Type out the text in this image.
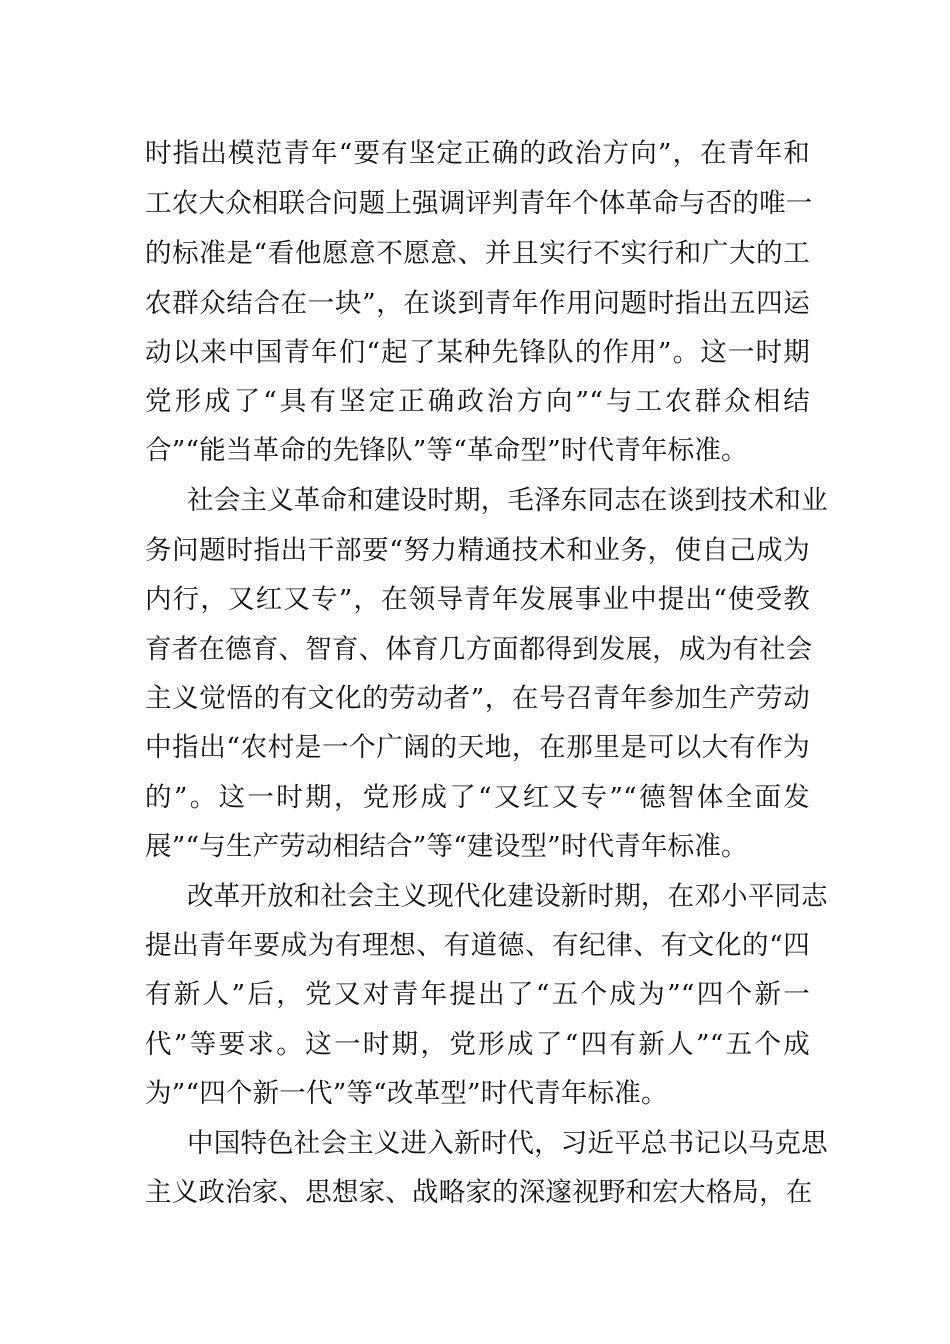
时指出模范青年“要有坚定正确的政治方向”，在青年和
工农大众相联合问题上强调评判青年个体革命与否的唯一
的标准是“看他愿意不愿意、并且实行不实行和广大的工
农群众结合在一块”，在谈到青年作用问题时指出五四运
动以来中国青年们“起了某种先锋队的作用”。这一时期
党形成了“具有坚定正确政治方向”“与工农群众相结
合”“能当革命的先锋队”等“革命型”时代青年标准。
社会主义革命和建设时期，毛泽东同志在谈到技术和业
务问题时指出干部要“努力精通技术和业务，使自己成为
内行，又红又专”，在领导青年发展事业中提出“使受教
育者在德育、智育、体育几方面都得到发展，成为有社会
主义觉悟的有文化的劳动者”，在号召青年参加生产劳动
中指出“农村是一个广阔的天地，在那里是可以大有作为
的”。这一时期，党形成了“又红又专”“德智体全面发
展”“与生产劳动相结合”等“建设型”时代青年标准。
改革开放和社会主义现代化建设新时期，在邓小平同志
提出青年要成为有理想、有道德、有纪律、有文化的“四
有新人”后，党又对青年提出了“五个成为”“四个新一
代”等要求。这一时期，党形成了“四有新人”“五个成
为”“四个新一代”等“改革型”时代青年标准。
中国特色社会主义进入新时代，习近平总书记以马克思
主义政治家、思想家、战略家的深邃视野和宏大格局，在
